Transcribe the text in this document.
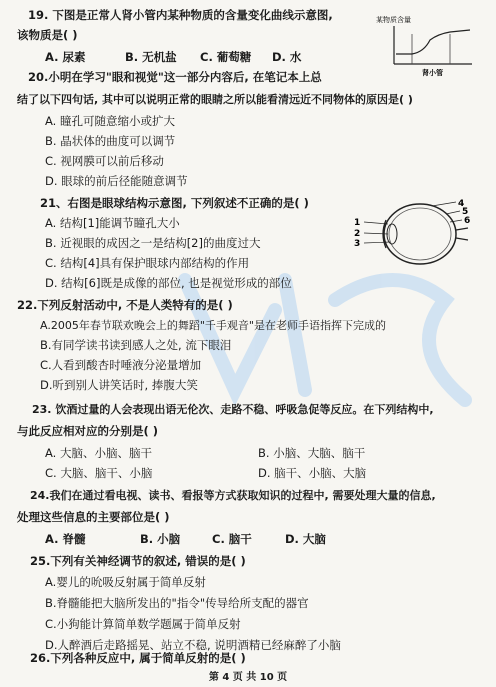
19. 下图是正常人肾小管内某种物质的含量变化曲线示意图,
该物质是( )
A. 尿素	B. 无机盐 C. 葡萄糖 D. 水
某物质含量
肾小管
20.小明在学习"眼和视觉"这一部分内容后, 在笔记本上总
结了以下四句话, 其中可以说明正常的眼睛之所以能看清远近不同物体的原因是( )
A. 瞳孔可随意缩小或扩大
B. 晶状体的曲度可以调节
C. 视网膜可以前后移动
D. 眼球的前后径能随意调节
21、右图是眼球结构示意图, 下列叙述不正确的是( )
A. 结构[1]能调节瞳孔大小
B. 近视眼的成因之一是结构[2]的曲度过大
C. 结构[4]具有保护眼球内部结构的作用
D. 结构[6]既是成像的部位, 也是视觉形成的部位
1
2
3
4
5
6
22.下列反射活动中, 不是人类特有的是( )
A.2005年春节联欢晚会上的舞蹈"千手观音"是在老师手语指挥下完成的
B.有同学读书读到感人之处, 流下眼泪
C.人看到酸杏时唾液分泌量增加
D.听到别人讲笑话时, 捧腹大笑
23. 饮酒过量的人会表现出语无伦次、走路不稳、呼吸急促等反应。在下列结构中,
与此反应相对应的分别是( )
A. 大脑、小脑、脑干	B. 小脑、大脑、脑干
C. 大脑、脑干、小脑	D. 脑干、小脑、大脑
24.我们在通过看电视、读书、看报等方式获取知识的过程中, 需要处理大量的信息,
处理这些信息的主要部位是( )
A. 脊髓	B. 小脑	C. 脑干	D. 大脑
25.下列有关神经调节的叙述, 错误的是( )
A.婴儿的吮吸反射属于简单反射
B.脊髓能把大脑所发出的"指令"传导给所支配的器官
C.小狗能计算简单数学题属于简单反射
D.人醉酒后走路摇晃、站立不稳, 说明酒精已经麻醉了小脑
26.下列各种反应中, 属于简单反射的是( )
第 4 页 共 10 页
